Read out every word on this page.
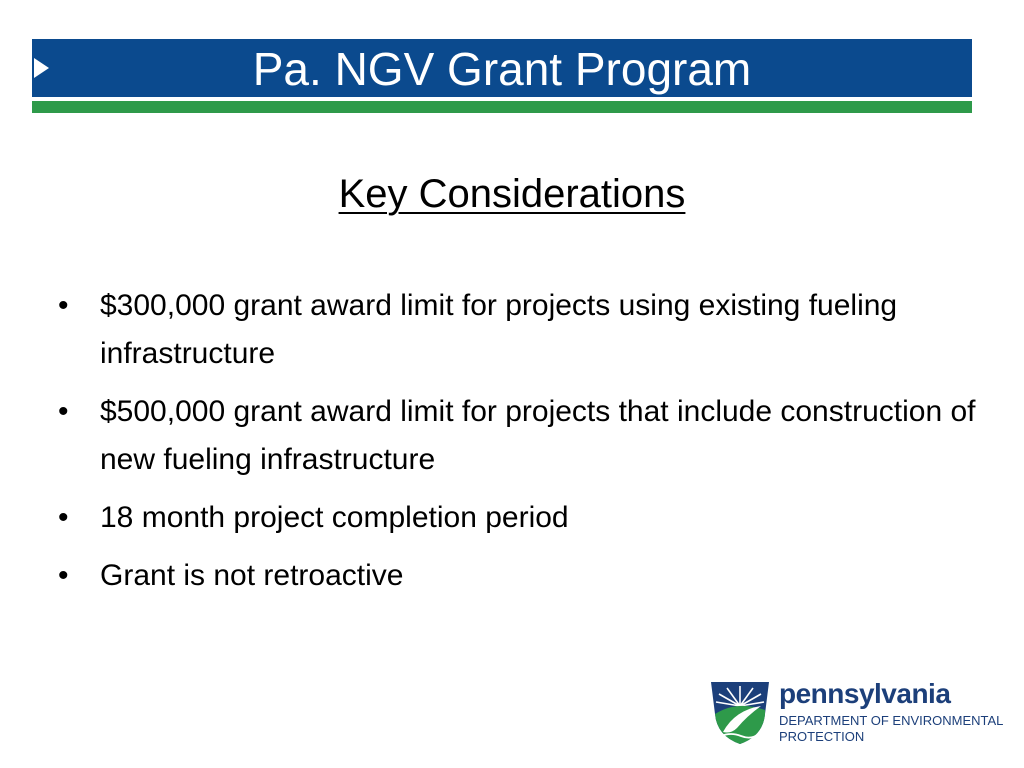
Pa. NGV Grant Program
Key Considerations
• $300,000 grant award limit for projects using existing fueling infrastructure
• $500,000 grant award limit for projects that include construction of new fueling infrastructure
• 18 month project completion period
• Grant is not retroactive
pennsylvania
DEPARTMENT OF ENVIRONMENTAL
PROTECTION
